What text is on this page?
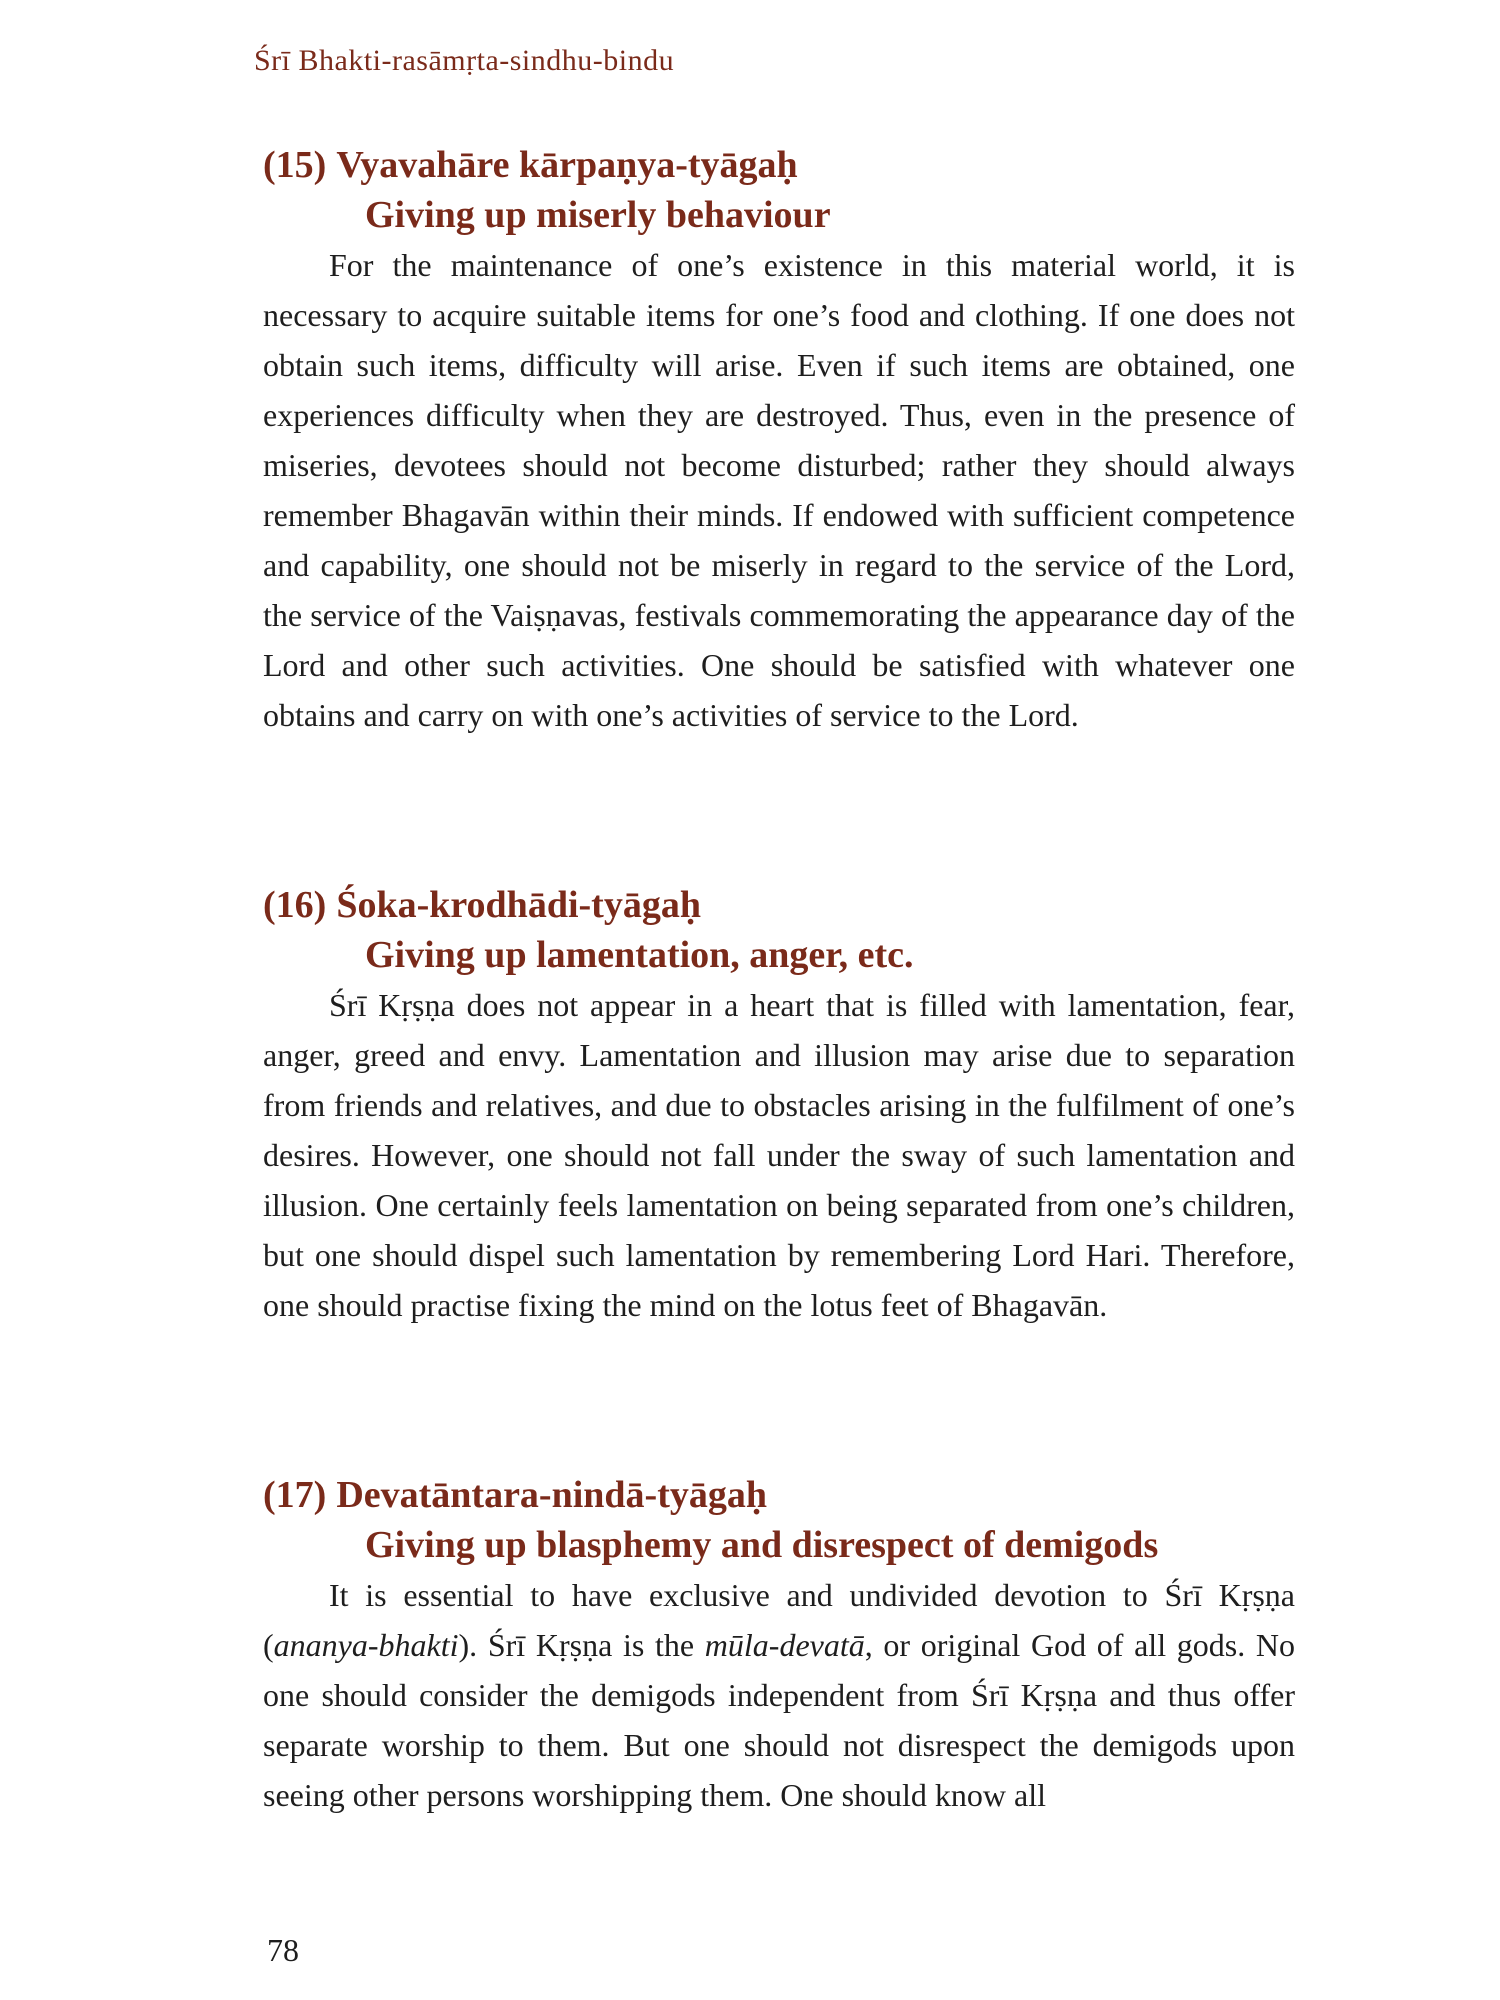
Śrī Bhakti-rasāmṛta-sindhu-bindu
(15) Vyavahāre kārpaṇya-tyāgaḥ
Giving up miserly behaviour

For the maintenance of one’s existence in this material world, it is necessary to acquire suitable items for one’s food and clothing. If one does not obtain such items, difficulty will arise. Even if such items are obtained, one experiences difficulty when they are destroyed. Thus, even in the presence of miseries, devotees should not become disturbed; rather they should always remember Bhagavān within their minds. If endowed with sufficient competence and capability, one should not be miserly in regard to the service of the Lord, the service of the Vaiṣṇavas, festivals commemorating the appearance day of the Lord and other such activities. One should be satisfied with whatever one obtains and carry on with one’s activities of service to the Lord.

(16) Śoka-krodhādi-tyāgaḥ
Giving up lamentation, anger, etc.

Śrī Kṛṣṇa does not appear in a heart that is filled with lamentation, fear, anger, greed and envy. Lamentation and illusion may arise due to separation from friends and relatives, and due to obstacles arising in the fulfilment of one’s desires. However, one should not fall under the sway of such lamentation and illusion. One certainly feels lamentation on being separated from one’s children, but one should dispel such lamentation by remembering Lord Hari. Therefore, one should practise fixing the mind on the lotus feet of Bhagavān.

(17) Devatāntara-nindā-tyāgaḥ
Giving up blasphemy and disrespect of demigods

It is essential to have exclusive and undivided devotion to Śrī Kṛṣṇa (ananya-bhakti). Śrī Kṛṣṇa is the mūla-devatā, or original God of all gods. No one should consider the demigods independent from Śrī Kṛṣṇa and thus offer separate worship to them. But one should not disrespect the demigods upon seeing other persons worshipping them. One should know all

78
